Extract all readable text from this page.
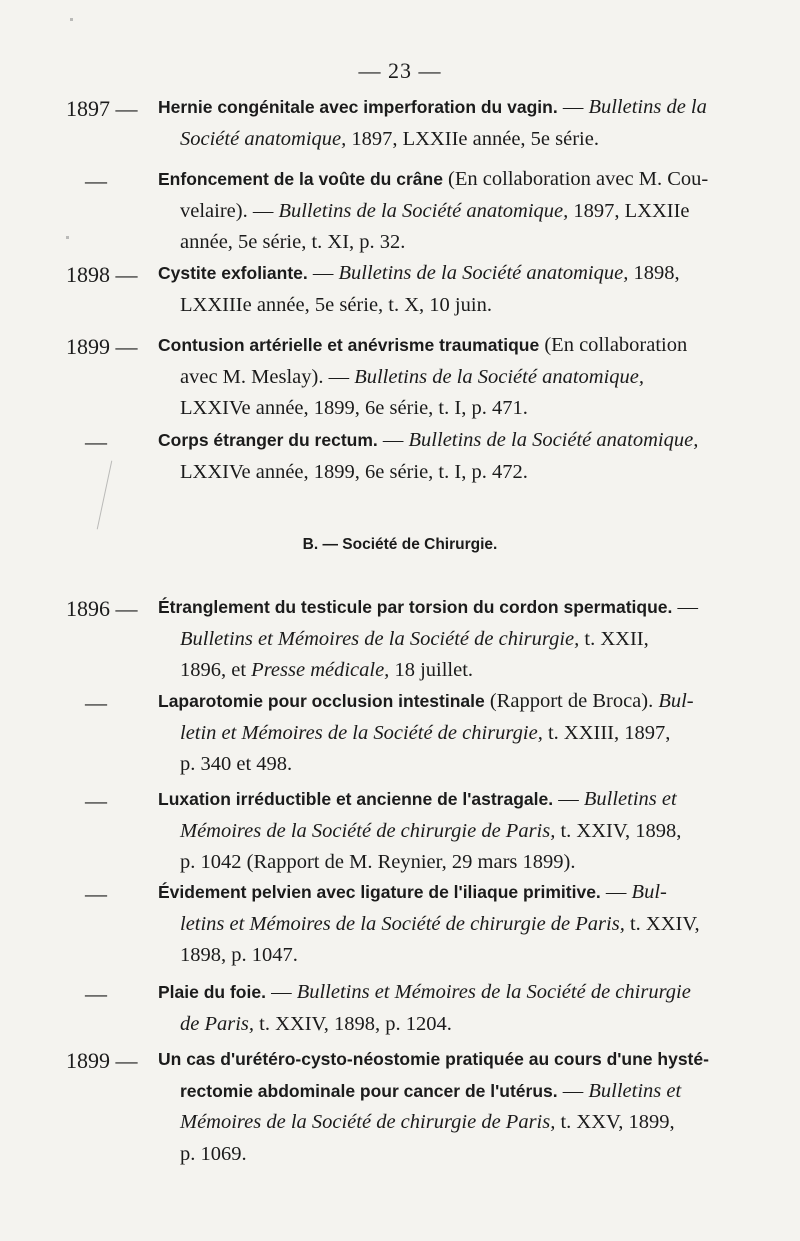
— 23 —
1897 —	Hernie congénitale avec imperforation du vagin. — Bulletins de la
Société anatomique, 1897, LXXIIe année, 5e série.
—	Enfoncement de la voûte du crâne (En collaboration avec M. Cou-
velaire). — Bulletins de la Société anatomique, 1897, LXXIIe
année, 5e série, t. XI, p. 32.
1898 —	Cystite exfoliante. — Bulletins de la Société anatomique, 1898,
LXXIIIe année, 5e série, t. X, 10 juin.
1899 —	Contusion artérielle et anévrisme traumatique (En collaboration
avec M. Meslay). — Bulletins de la Société anatomique,
LXXIVe année, 1899, 6e série, t. I, p. 471.
—	Corps étranger du rectum. — Bulletins de la Société anatomique,
LXXIVe année, 1899, 6e série, t. I, p. 472.
B. — Société de Chirurgie.
1896 —	Étranglement du testicule par torsion du cordon spermatique. —
Bulletins et Mémoires de la Société de chirurgie, t. XXII,
1896, et Presse médicale, 18 juillet.
—	Laparotomie pour occlusion intestinale (Rapport de Broca). Bul-
letin et Mémoires de la Société de chirurgie, t. XXIII, 1897,
p. 340 et 498.
—	Luxation irréductible et ancienne de l'astragale. — Bulletins et
Mémoires de la Société de chirurgie de Paris, t. XXIV, 1898,
p. 1042 (Rapport de M. Reynier, 29 mars 1899).
—	Évidement pelvien avec ligature de l'iliaque primitive. — Bul-
letins et Mémoires de la Société de chirurgie de Paris, t. XXIV,
1898, p. 1047.
—	Plaie du foie. — Bulletins et Mémoires de la Société de chirurgie
de Paris, t. XXIV, 1898, p. 1204.
1899 —	Un cas d'urétéro-cysto-néostomie pratiquée au cours d'une hysté-
rectomie abdominale pour cancer de l'utérus. — Bulletins et
Mémoires de la Société de chirurgie de Paris, t. XXV, 1899,
p. 1069.
